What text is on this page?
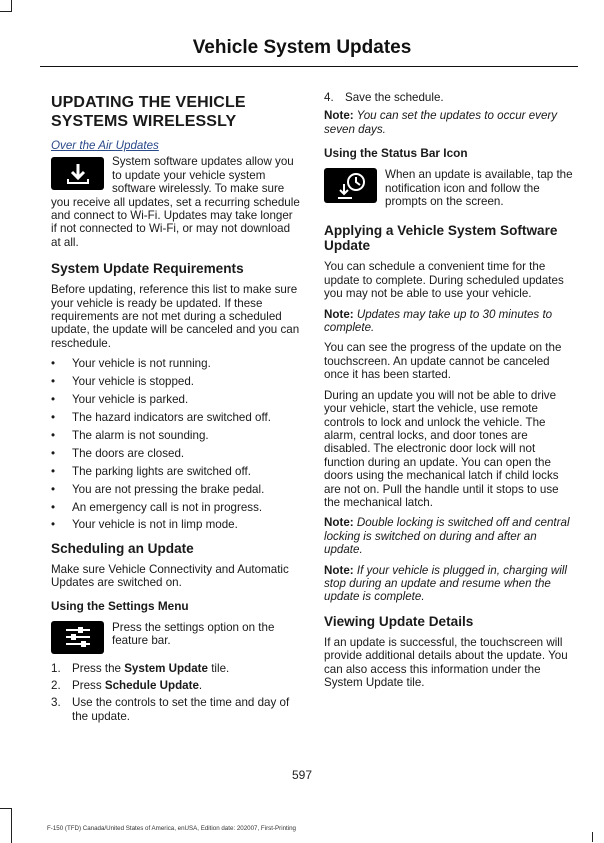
Vehicle System Updates
UPDATING THE VEHICLE SYSTEMS WIRELESSLY
Over the Air Updates

System software updates allow you to update your vehicle system software wirelessly. To make sure you receive all updates, set a recurring schedule and connect to Wi-Fi. Updates may take longer if not connected to Wi-Fi, or may not download at all.

System Update Requirements

Before updating, reference this list to make sure your vehicle is ready be updated. If these requirements are not met during a scheduled update, the update will be canceled and you can reschedule.

• Your vehicle is not running.
• Your vehicle is stopped.
• Your vehicle is parked.
• The hazard indicators are switched off.
• The alarm is not sounding.
• The doors are closed.
• The parking lights are switched off.
• You are not pressing the brake pedal.
• An emergency call is not in progress.
• Your vehicle is not in limp mode.
Scheduling an Update

Make sure Vehicle Connectivity and Automatic Updates are switched on.

Using the Settings Menu

Press the settings option on the feature bar.

1. Press the System Update tile.
2. Press Schedule Update.
3. Use the controls to set the time and day of the update.
4. Save the schedule.

Note: You can set the updates to occur every seven days.

Using the Status Bar Icon

When an update is available, tap the notification icon and follow the prompts on the screen.

Applying a Vehicle System Software Update

You can schedule a convenient time for the update to complete. During scheduled updates you may not be able to use your vehicle.

Note: Updates may take up to 30 minutes to complete.

You can see the progress of the update on the touchscreen. An update cannot be canceled once it has been started.

During an update you will not be able to drive your vehicle, start the vehicle, use remote controls to lock and unlock the vehicle. The alarm, central locks, and door tones are disabled. The electronic door lock will not function during an update. You can open the doors using the mechanical latch if child locks are not on. Pull the handle until it stops to use the mechanical latch.

Note: Double locking is switched off and central locking is switched on during and after an update.

Note: If your vehicle is plugged in, charging will stop during an update and resume when the update is complete.

Viewing Update Details

If an update is successful, the touchscreen will provide additional details about the update. You can also access this information under the System Update tile.

597
F-150 (TFD) Canada/United States of America, enUSA, Edition date: 202007, First-Printing
